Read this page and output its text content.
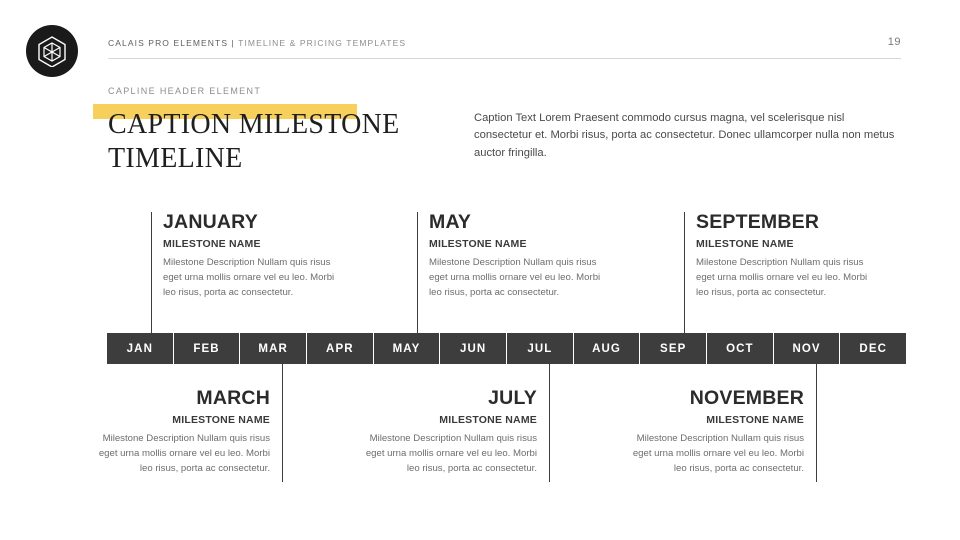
CALAIS PRO ELEMENTS | TIMELINE & PRICING TEMPLATES	19
CAPLINE HEADER ELEMENT
CAPTION MILESTONE TIMELINE
Caption Text Lorem Praesent commodo cursus magna, vel scelerisque nisl consectetur et. Morbi risus, porta ac consectetur. Donec ullamcorper nulla non metus auctor fringilla.
JANUARY
MILESTONE NAME
Milestone Description Nullam quis risus eget urna mollis ornare vel eu leo. Morbi leo risus, porta ac consectetur.
MAY
MILESTONE NAME
Milestone Description Nullam quis risus eget urna mollis ornare vel eu leo. Morbi leo risus, porta ac consectetur.
SEPTEMBER
MILESTONE NAME
Milestone Description Nullam quis risus eget urna mollis ornare vel eu leo. Morbi leo risus, porta ac consectetur.
JAN	FEB	MAR	APR	MAY	JUN	JUL	AUG	SEP	OCT	NOV	DEC
MARCH
MILESTONE NAME
Milestone Description Nullam quis risus eget urna mollis ornare vel eu leo. Morbi leo risus, porta ac consectetur.
JULY
MILESTONE NAME
Milestone Description Nullam quis risus eget urna mollis ornare vel eu leo. Morbi leo risus, porta ac consectetur.
NOVEMBER
MILESTONE NAME
Milestone Description Nullam quis risus eget urna mollis ornare vel eu leo. Morbi leo risus, porta ac consectetur.
